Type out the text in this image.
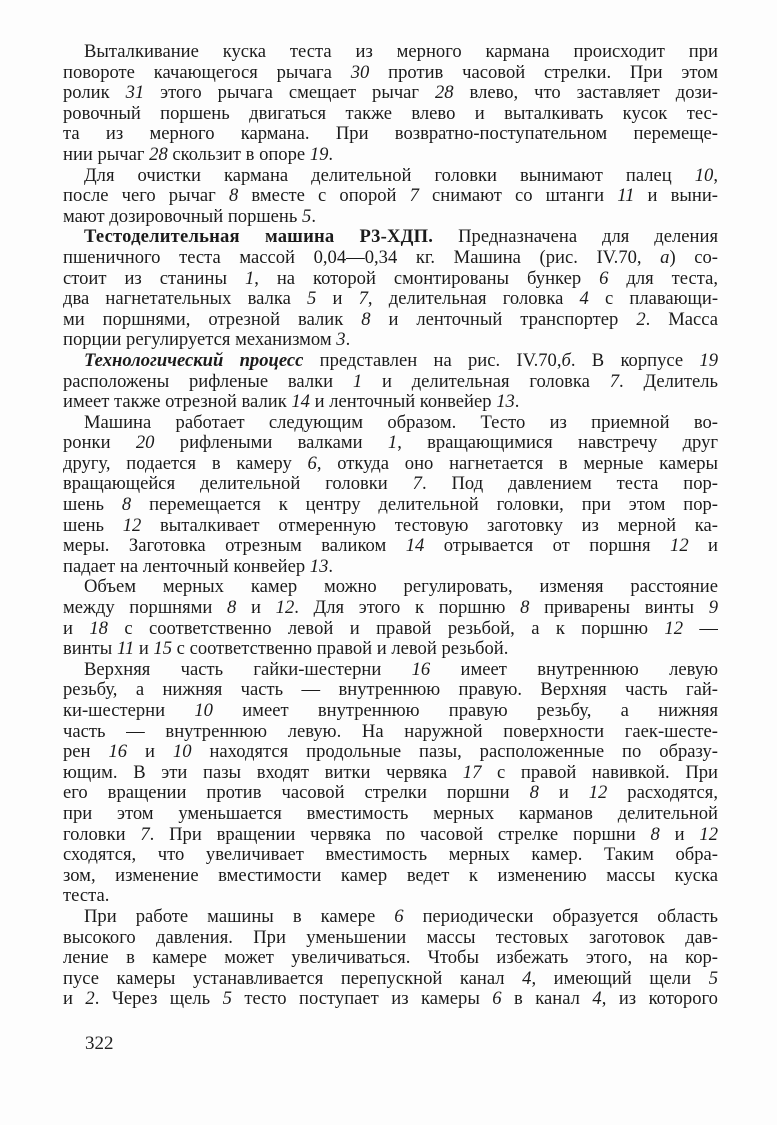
Выталкивание куска теста из мерного кармана происходит при
повороте качающегося рычага 30 против часовой стрелки. При этом
ролик 31 этого рычага смещает рычаг 28 влево, что заставляет дози-
ровочный поршень двигаться также влево и выталкивать кусок тес-
та из мерного кармана. При возвратно-поступательном перемеще-
нии рычаг 28 скользит в опоре 19.
Для очистки кармана делительной головки вынимают палец 10,
после чего рычаг 8 вместе с опорой 7 снимают со штанги 11 и выни-
мают дозировочный поршень 5.
Тестоделительная машина Р3-ХДП. Предназначена для деления
пшеничного теста массой 0,04—0,34 кг. Машина (рис. IV.70, а) со-
стоит из станины 1, на которой смонтированы бункер 6 для теста,
два нагнетательных валка 5 и 7, делительная головка 4 с плавающи-
ми поршнями, отрезной валик 8 и ленточный транспортер 2. Масса
порции регулируется механизмом 3.
Технологический процесс представлен на рис. IV.70,б. В корпусе 19
расположены рифленые валки 1 и делительная головка 7. Делитель
имеет также отрезной валик 14 и ленточный конвейер 13.
Машина работает следующим образом. Тесто из приемной во-
ронки 20 рифлеными валками 1, вращающимися навстречу друг
другу, подается в камеру 6, откуда оно нагнетается в мерные камеры
вращающейся делительной головки 7. Под давлением теста пор-
шень 8 перемещается к центру делительной головки, при этом пор-
шень 12 выталкивает отмеренную тестовую заготовку из мерной ка-
меры. Заготовка отрезным валиком 14 отрывается от поршня 12 и
падает на ленточный конвейер 13.
Объем мерных камер можно регулировать, изменяя расстояние
между поршнями 8 и 12. Для этого к поршню 8 приварены винты 9
и 18 с соответственно левой и правой резьбой, а к поршню 12 —
винты 11 и 15 с соответственно правой и левой резьбой.
Верхняя часть гайки-шестерни 16 имеет внутреннюю левую
резьбу, а нижняя часть — внутреннюю правую. Верхняя часть гай-
ки-шестерни 10 имеет внутреннюю правую резьбу, а нижняя
часть — внутреннюю левую. На наружной поверхности гаек-шесте-
рен 16 и 10 находятся продольные пазы, расположенные по образу-
ющим. В эти пазы входят витки червяка 17 с правой навивкой. При
его вращении против часовой стрелки поршни 8 и 12 расходятся,
при этом уменьшается вместимость мерных карманов делительной
головки 7. При вращении червяка по часовой стрелке поршни 8 и 12
сходятся, что увеличивает вместимость мерных камер. Таким обра-
зом, изменение вместимости камер ведет к изменению массы куска
теста.
При работе машины в камере 6 периодически образуется область
высокого давления. При уменьшении массы тестовых заготовок дав-
ление в камере может увеличиваться. Чтобы избежать этого, на кор-
пусе камеры устанавливается перепускной канал 4, имеющий щели 5
и 2. Через щель 5 тесто поступает из камеры 6 в канал 4, из которого
322
